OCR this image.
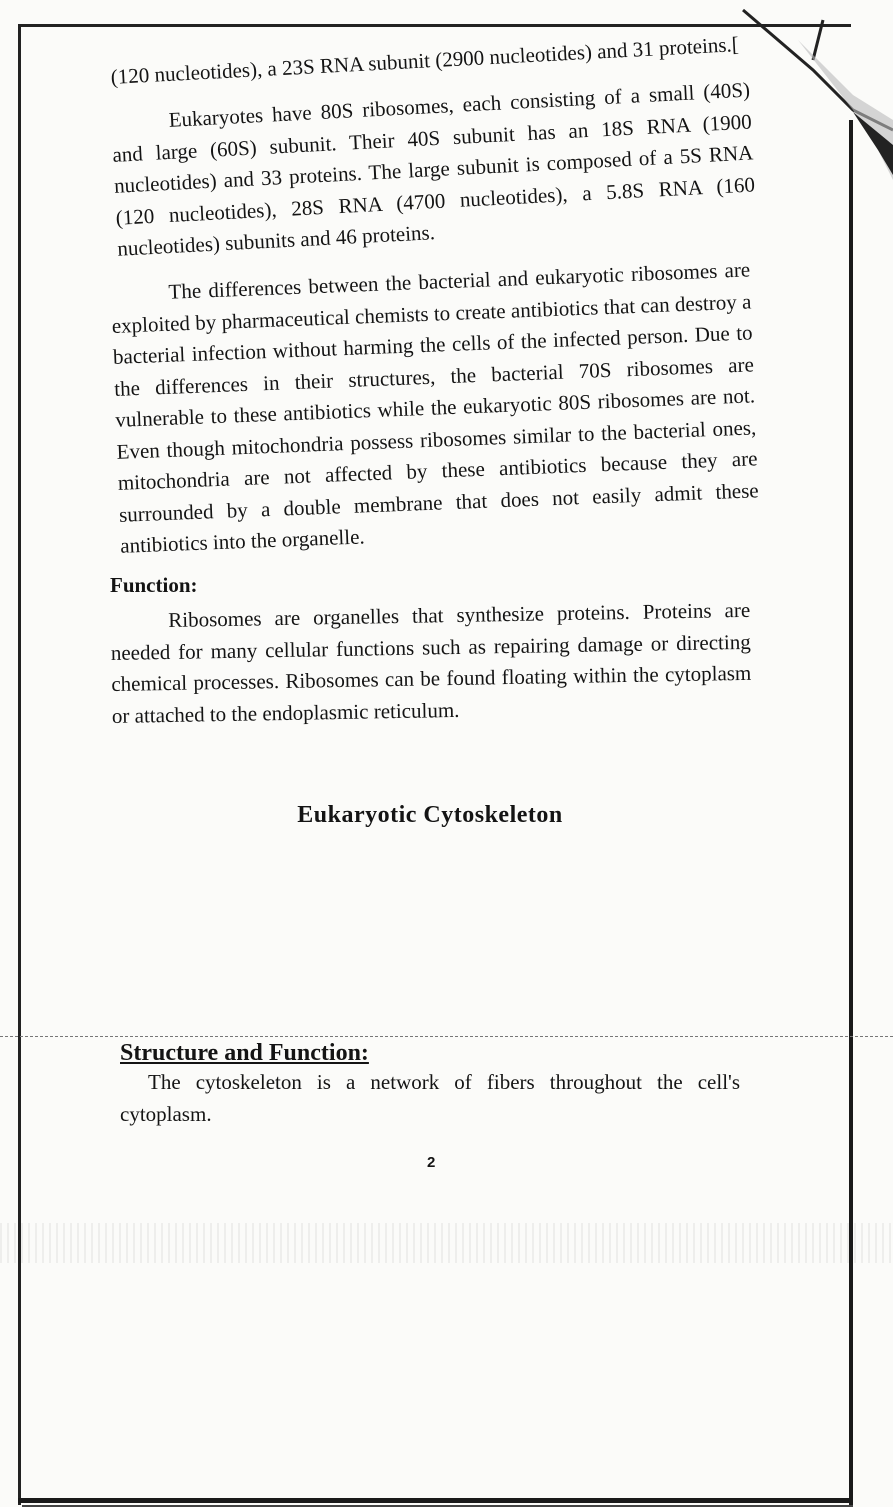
(120 nucleotides), a 23S RNA subunit (2900 nucleotides) and 31 proteins.[

Eukaryotes have 80S ribosomes, each consisting of a small (40S) and large (60S) subunit. Their 40S subunit has an 18S RNA (1900 nucleotides) and 33 proteins. The large subunit is composed of a 5S RNA (120 nucleotides), 28S RNA (4700 nucleotides), a 5.8S RNA (160 nucleotides) subunits and 46 proteins.

The differences between the bacterial and eukaryotic ribosomes are exploited by pharmaceutical chemists to create antibiotics that can destroy a bacterial infection without harming the cells of the infected person. Due to the differences in their structures, the bacterial 70S ribosomes are vulnerable to these antibiotics while the eukaryotic 80S ribosomes are not. Even though mitochondria possess ribosomes similar to the bacterial ones, mitochondria are not affected by these antibiotics because they are surrounded by a double membrane that does not easily admit these antibiotics into the organelle.

Function:

Ribosomes are organelles that synthesize proteins. Proteins are needed for many cellular functions such as repairing damage or directing chemical processes. Ribosomes can be found floating within the cytoplasm or attached to the endoplasmic reticulum.

Eukaryotic Cytoskeleton
Structure and Function:

The cytoskeleton is a network of fibers throughout the cell's cytoplasm.

2
